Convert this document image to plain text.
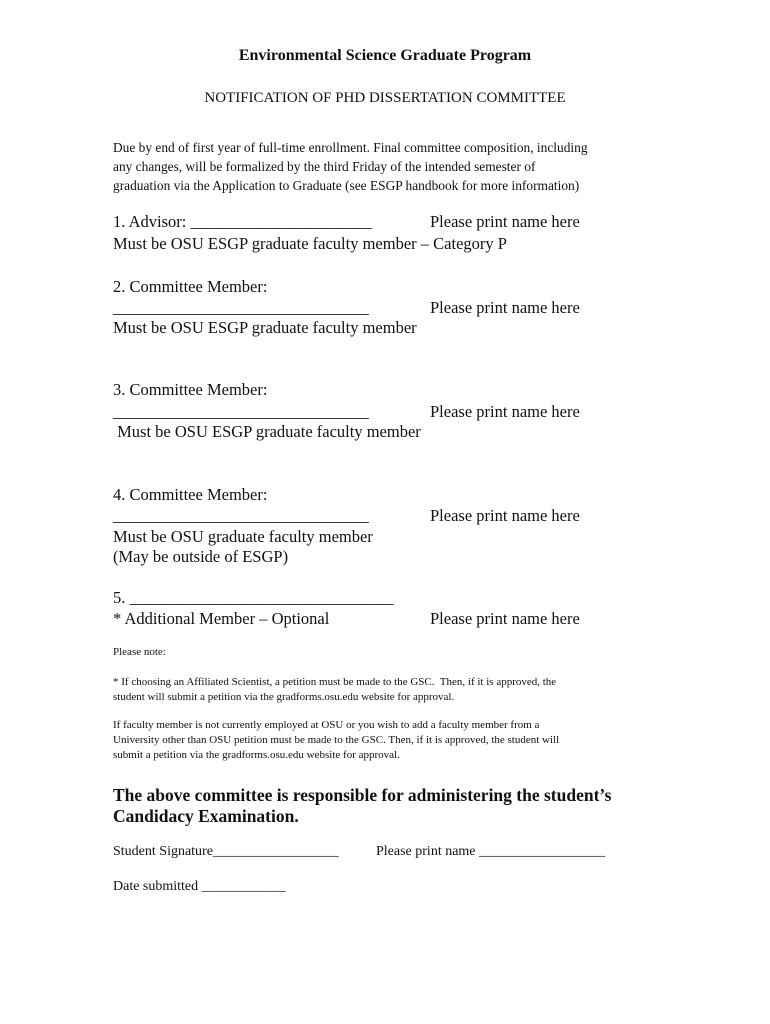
Environmental Science Graduate Program
NOTIFICATION OF PHD DISSERTATION COMMITTEE
Due by end of first year of full-time enrollment. Final committee composition, including
any changes, will be formalized by the third Friday of the intended semester of
graduation via the Application to Graduate (see ESGP handbook for more information)
1. Advisor: ______________________	Please print name here
Must be OSU ESGP graduate faculty member – Category P
2. Committee Member:
_______________________________	Please print name here
Must be OSU ESGP graduate faculty member
3. Committee Member:
_______________________________	Please print name here
Must be OSU ESGP graduate faculty member
4. Committee Member:
_______________________________	Please print name here
Must be OSU graduate faculty member
(May be outside of ESGP)
5. ________________________________
* Additional Member – Optional	Please print name here
Please note:
* If choosing an Affiliated Scientist, a petition must be made to the GSC.  Then, if it is approved, the
student will submit a petition via the gradforms.osu.edu website for approval.
If faculty member is not currently employed at OSU or you wish to add a faculty member from a
University other than OSU petition must be made to the GSC. Then, if it is approved, the student will
submit a petition via the gradforms.osu.edu website for approval.
The above committee is responsible for administering the student’s
Candidacy Examination.
Student Signature__________________	Please print name __________________
Date submitted ____________
